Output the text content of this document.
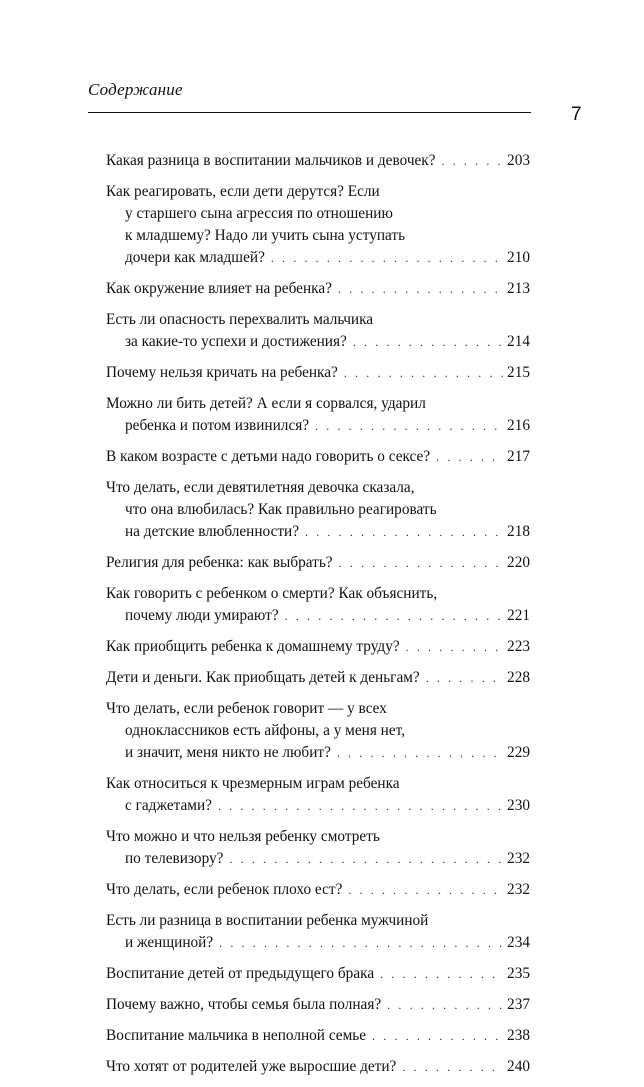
Содержание
7
Какая разница в воспитании мальчиков и девочек? . . .	203
Как реагировать, если дети дерутся? Если
у старшего сына агрессия по отношению
к младшему? Надо ли учить сына уступать
дочери как младшей? . . .	210
Как окружение влияет на ребенка? . . .	213
Есть ли опасность перехвалить мальчика
за какие-то успехи и достижения? . . .	214
Почему нельзя кричать на ребенка? . . .	215
Можно ли бить детей? А если я сорвался, ударил
ребенка и потом извинился? . . .	216
В каком возрасте с детьми надо говорить о сексе? . . .	217
Что делать, если девятилетняя девочка сказала,
что она влюбилась? Как правильно реагировать
на детские влюбленности? . . .	218
Религия для ребенка: как выбрать? . . .	220
Как говорить с ребенком о смерти? Как объяснить,
почему люди умирают? . . .	221
Как приобщить ребенка к домашнему труду? . . .	223
Дети и деньги. Как приобщать детей к деньгам? . . .	228
Что делать, если ребенок говорит — у всех
одноклассников есть айфоны, а у меня нет,
и значит, меня никто не любит? . . .	229
Как относиться к чрезмерным играм ребенка
с гаджетами? . . .	230
Что можно и что нельзя ребенку смотреть
по телевизору? . . .	232
Что делать, если ребенок плохо ест? . . .	232
Есть ли разница в воспитании ребенка мужчиной
и женщиной? . . .	234
Воспитание детей от предыдущего брака . . .	235
Почему важно, чтобы семья была полная? . . .	237
Воспитание мальчика в неполной семье . . .	238
Что хотят от родителей уже выросшие дети? . . .	240
